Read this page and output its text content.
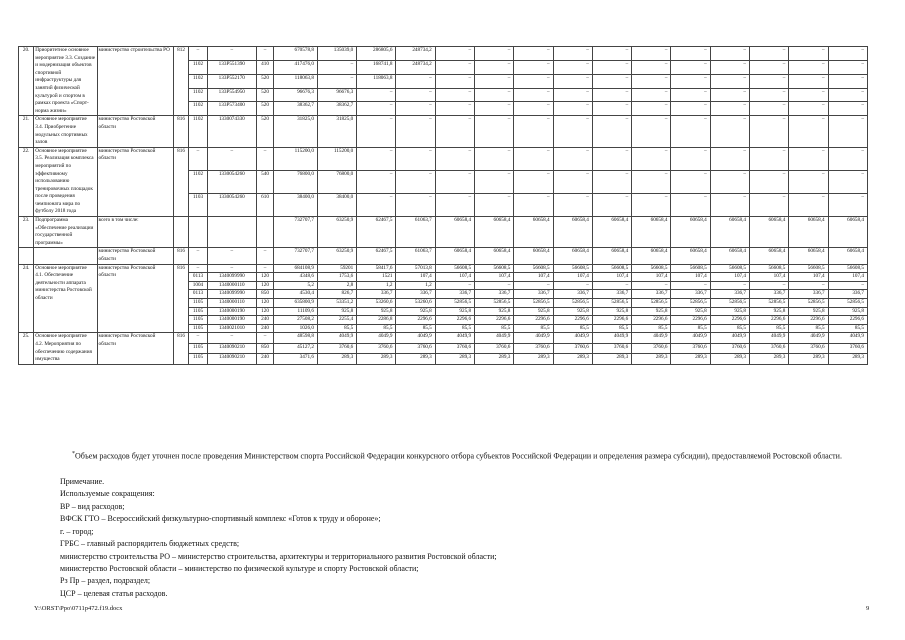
20.	Приоритетное основное мероприятие 3.3. Создание и модернизация объектов спортивной инфраструктуры для занятий физической культурой и спортом в рамках проекта «Спорт-норма жизни»	министерство строительства РО	812	–	–	–	670578,8	135039,0	286805,6	248734,2	–	–	–	–	–	–	–	–	–	–	–
				1102	133P551390	410	417476,0	–	168741,8	248734,2	–	–	–	–	–	–	–	–	–	–	–
				1102	133P552170	520	118063,8	–	118063,8	–	–	–	–	–	–	–	–	–	–	–	–
				1102	133P554950	520	96676,3	96676,3	–	–	–	–	–	–	–	–	–	–	–	–	–
				1102	133P573400	520	38362,7	38362,7	–	–	–	–	–	–	–	–	–	–	–	–	–
21.	Основное мероприятие 3.4. Приобретение модульных спортивных залов	министерство Ростовской области	816	1102	1330074330	520	31825,0	31825,0	–	–	–	–	–	–	–	–	–	–	–	–	–
22.	Основное мероприятие 3.5. Реализация комплекса мероприятий по эффективному использованию тренировочных площадок после проведения чемпионата мира по футболу 2018 года	министерство Ростовской области	816	–	–	–	115200,0	115200,0	–	–	–	–	–	–	–	–	–	–	–	–	–
				1102	1330054260	540	76800,0	76800,0	–	–	–	–	–	–	–	–	–	–	–	–	–
				1103	1330054260	610	38400,0	38400,0	–	–	–	–	–	–	–	–	–	–	–	–	–
23.	Подпрограмма «Обеспечение реализации государственной программы»	всего в том числе:					732707,7	63250,9	62467,5	61063,7	60658,4	60658,4	60658,4	60658,4	60658,4	60658,4	60658,4	60658,4	60658,4	60658,4	60658,4
		министерство Ростовской области	816	–	–	–	732707,7	63250,9	62467,5	61063,7	60658,4	60658,4	60658,4	60658,4	60658,4	60658,4	60658,4	60658,4	60658,4	60658,4	60658,4
24.	Основное мероприятие 4.1. Обеспечение деятельности аппарата министерства Ростовской области	министерство Ростовской области	816	–	–	–	684108,9	59201	58417,6	57013,8	56608,5	56608,5	56608,5	56608,5	56608,5	56608,5	56608,5	56608,5	56608,5	56608,5	56608,5
				0113	1340099990	120	4348,6	1753,6	1521	107,4	107,4	107,4	107,4	107,4	107,4	107,4	107,4	107,4	107,4	107,4	107,4
				1004	1340000110	120	5,2	2,8	1,2	1,2	–	–	–	–	–	–	–	–	–	–	–
				0113	1340099990	850	4530,4	826,7	336,7	336,7	336,7	336,7	336,7	336,7	336,7	336,7	336,7	336,7	336,7	336,7	336,7
				1105	1340000110	120	635800,9	53351,2	53260,6	53260,6	52856,5	52856,5	52856,5	52856,5	52856,5	52856,5	52856,5	52856,5	52856,5	52856,5	52856,5
				1105	1340000190	120	11109,6	925,8	925,8	925,8	925,8	925,8	925,8	925,8	925,8	925,8	925,8	925,8	925,8	925,8	925,8
				1105	1340000190	240	27508,2	2255,4	2286,8	2296,6	2296,6	2296,6	2296,6	2296,6	2296,6	2296,6	2296,6	2296,6	2296,6	2296,6	2296,6
				1105	1340021010	240	1026,0	85,5	85,5	85,5	85,5	85,5	85,5	85,5	85,5	85,5	85,5	85,5	85,5	85,5	85,5
25.	Основное мероприятие 4.2. Мероприятия по обеспечению содержания имущества	министерство Ростовской области	816	–	–	–	48598,8	4049,9	4049,9	4049,9	4049,9	4049,9	4049,9	4049,9	4049,9	4049,9	4049,9	4049,9	4049,9	4049,9	4049,9
				1105	1340090210	850	45127,2	3760,6	3760,6	3760,6	3760,6	3760,6	3760,6	3760,6	3760,6	3760,6	3760,6	3760,6	3760,6	3760,6	3760,6
				1105	1340090210	240	3471,6	289,3	289,3	289,3	289,3	289,3	289,3	289,3	289,3	289,3	289,3	289,3	289,3	289,3	289,3

*Объем расходов будет уточнен после проведения Министерством спорта Российской Федерации конкурсного отбора субъектов Российской Федерации и определения размера субсидии), предоставляемой Ростовской области.

Примечание.

Используемые сокращения:

ВР – вид расходов;

ВФСК ГТО – Всероссийский физкультурно-спортивный комплекс «Готов к труду и обороне»;

г. – город;

ГРБС – главный распорядитель бюджетных средств;

министерство строительства РО – министерство строительства, архитектуры и территориального развития Ростовской области;

министерство Ростовской области – министерство по физической культуре и спорту Ростовской области;

Рз Пр – раздел, подраздел;

ЦСР – целевая статья расходов.

Y:\ORST\Ppo\0711p472.f19.docx	9
